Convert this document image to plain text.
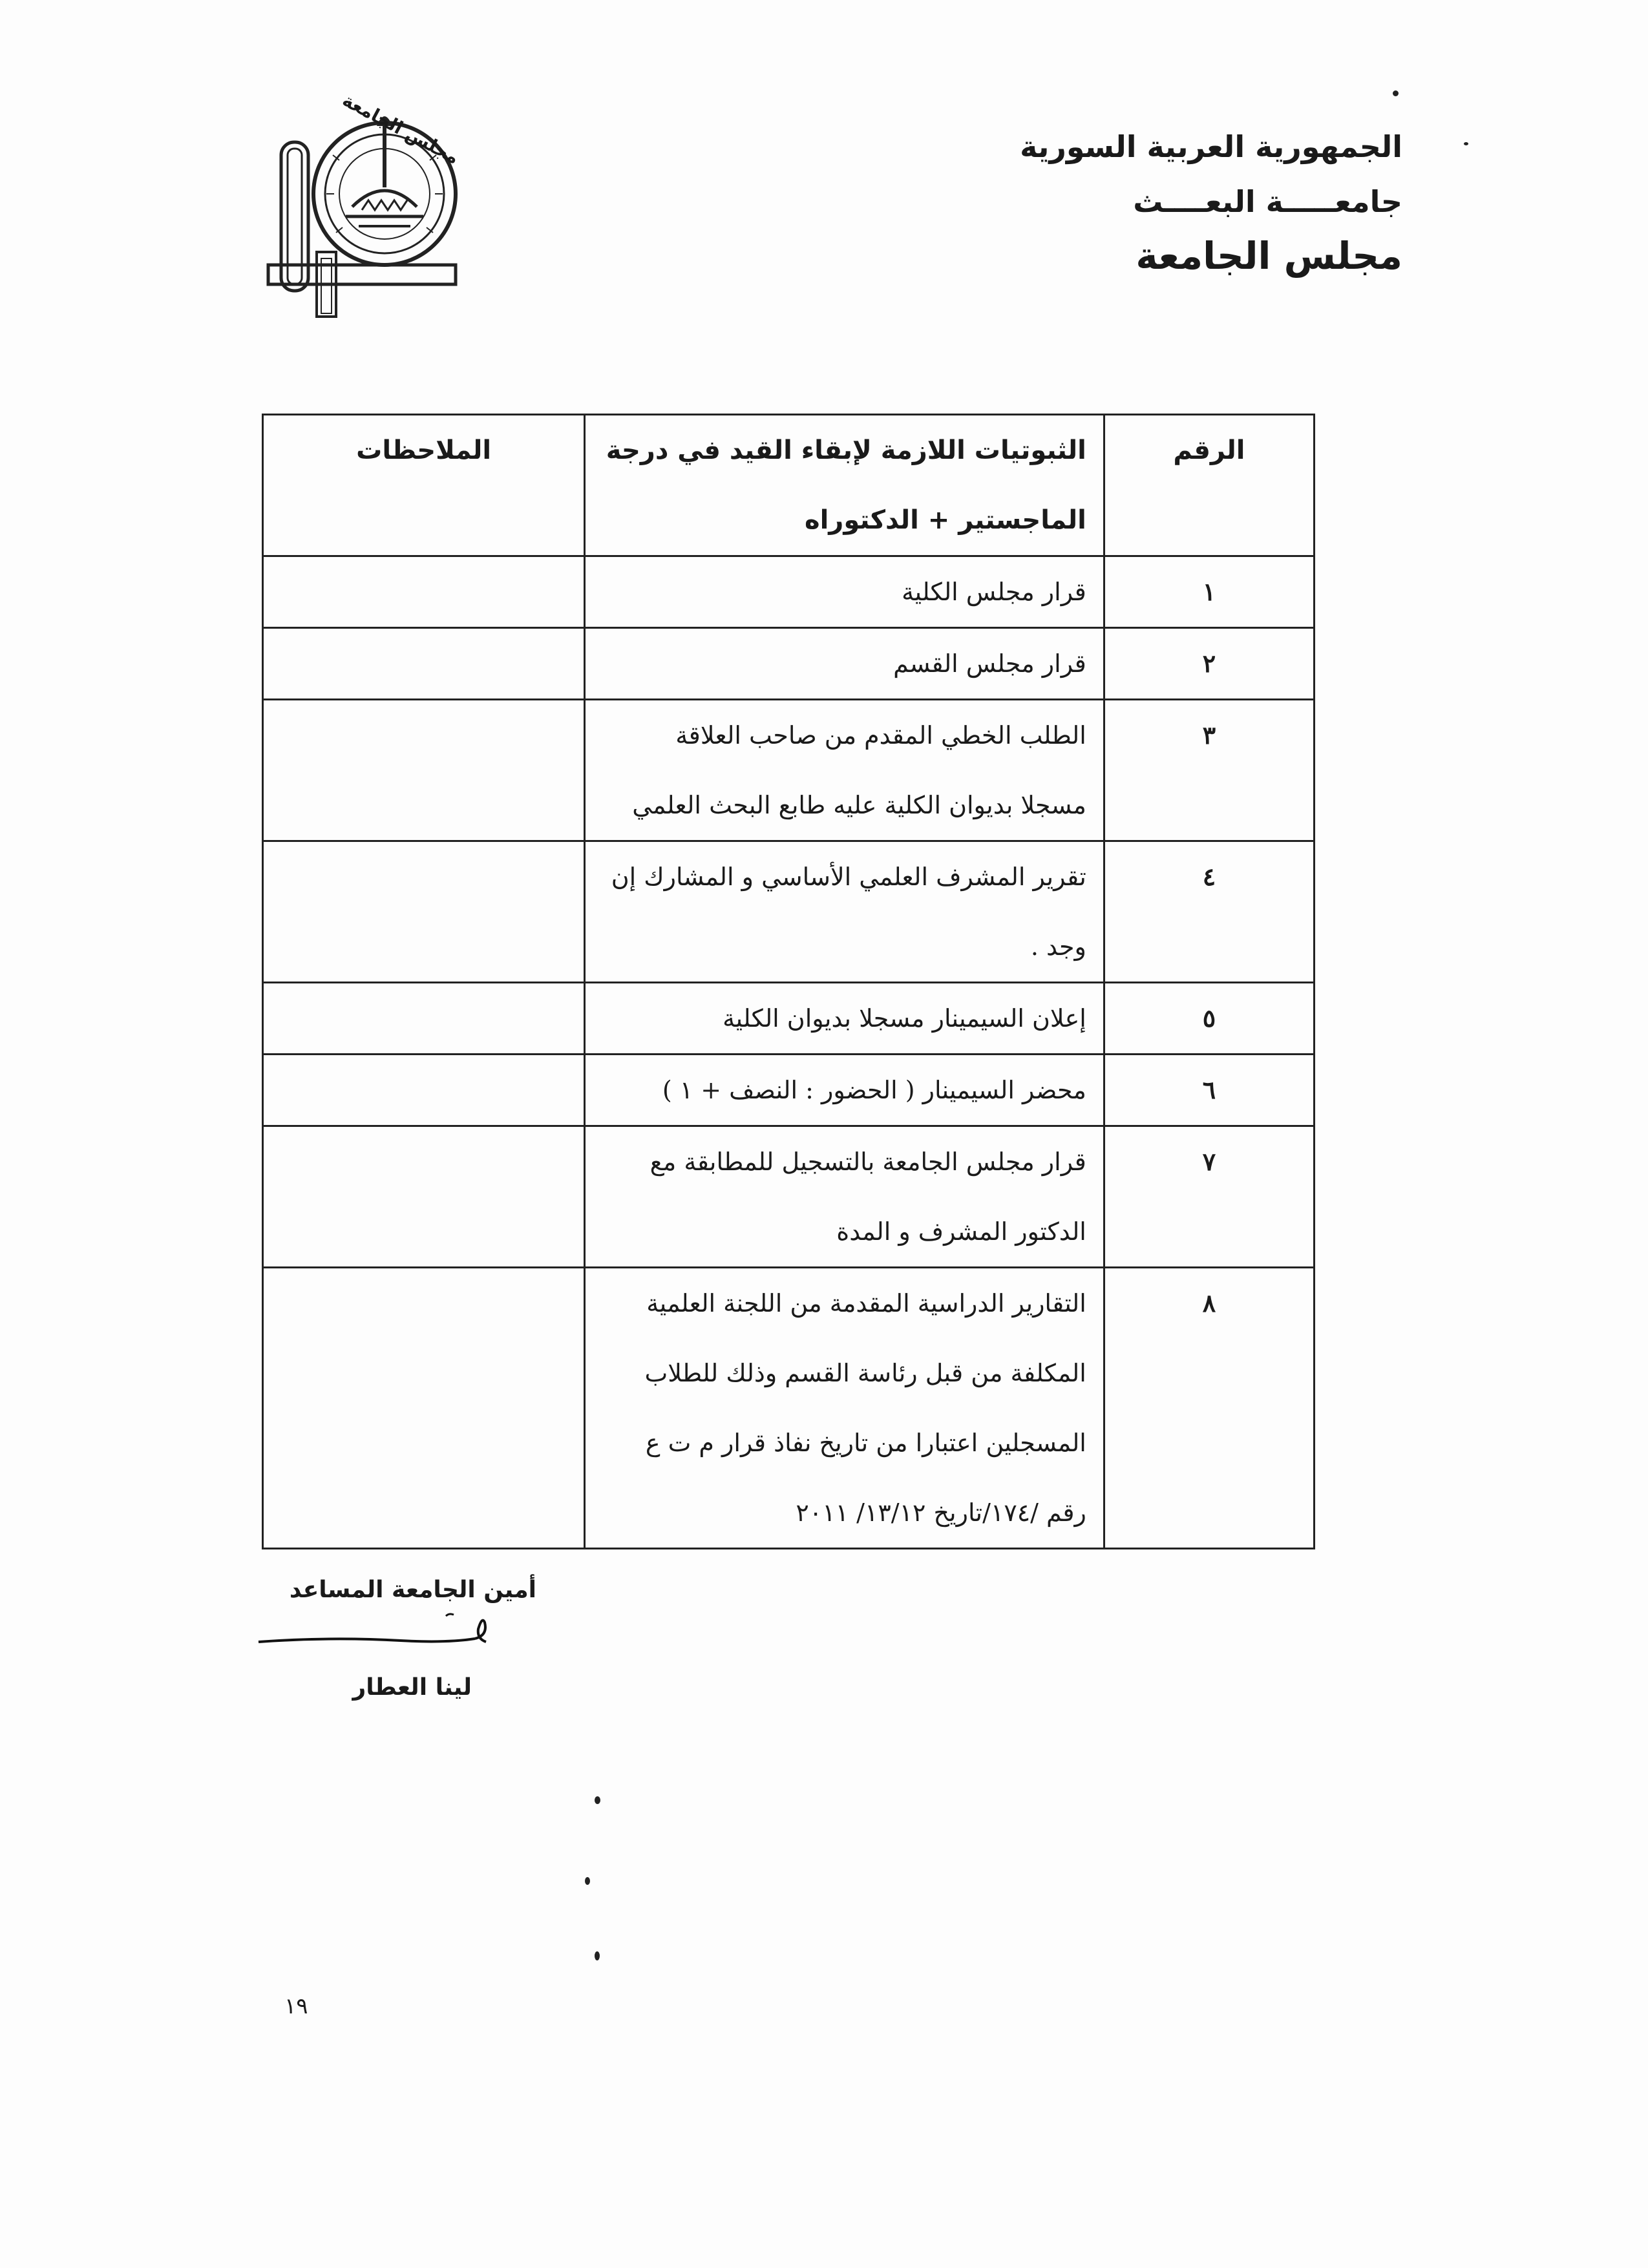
الجمهورية العربية السورية

جامعـــــة البعــــث

مجلس الجامعة

مجلس الجامعة
الرقم	الثبوتيات اللازمة لإبقاء القيد في درجة الماجستير + الدكتوراه	الملاحظات
١	قرار مجلس الكلية	
٢	قرار مجلس القسم	
٣	الطلب الخطي المقدم من صاحب العلاقة مسجلا بديوان الكلية عليه طابع البحث العلمي	
٤	تقرير المشرف العلمي الأساسي و المشارك إن وجد .	
٥	إعلان السيمينار مسجلا بديوان الكلية	
٦	محضر السيمينار ( الحضور : النصف + ١ )	
٧	قرار مجلس الجامعة بالتسجيل للمطابقة مع الدكتور المشرف و المدة	
٨	التقارير الدراسية المقدمة من اللجنة العلمية المكلفة من قبل رئاسة القسم وذلك للطلاب المسجلين اعتبارا من تاريخ نفاذ قرار م ت ع رقم /١٧٤/تاريخ ١٣/١٢/ ٢٠١١	

أمين الجامعة المساعد

لينا العطار

١٩
